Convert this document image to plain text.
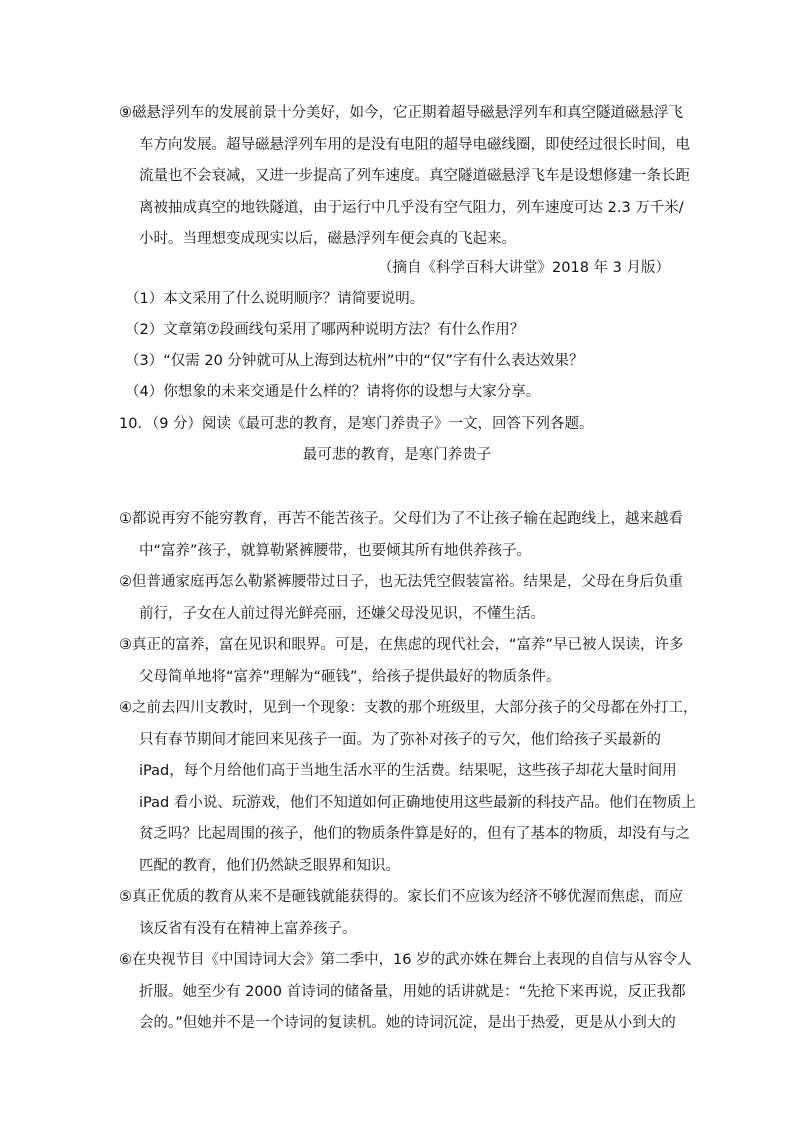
⑨磁悬浮列车的发展前景十分美好，如今，它正期着超导磁悬浮列车和真空隧道磁悬浮飞

车方向发展。超导磁悬浮列车用的是没有电阻的超导电磁线圈，即使经过很长时间，电

流量也不会衰减，又进一步提高了列车速度。真空隧道磁悬浮飞车是设想修建一条长距

离被抽成真空的地铁隧道，由于运行中几乎没有空气阻力，列车速度可达 2.3 万千米/

小时。当理想变成现实以后，磁悬浮列车便会真的飞起来。

（摘自《科学百科大讲堂》2018 年 3 月版）
（1）本文采用了什么说明顺序？请简要说明。
（2）文章第⑦段画线句采用了哪两种说明方法？有什么作用？
（3）“仅需 20 分钟就可从上海到达杭州”中的“仅”字有什么表达效果？
（4）你想象的未来交通是什么样的？请将你的设想与大家分享。
10．（9 分）阅读《最可悲的教育，是寒门养贵子》一文，回答下列各题。
最可悲的教育，是寒门养贵子

①都说再穷不能穷教育，再苦不能苦孩子。父母们为了不让孩子输在起跑线上，越来越看

中“富养”孩子，就算勒紧裤腰带，也要倾其所有地供养孩子。

②但普通家庭再怎么勒紧裤腰带过日子，也无法凭空假装富裕。结果是，父母在身后负重

前行，子女在人前过得光鲜亮丽，还嫌父母没见识，不懂生活。

③真正的富养，富在见识和眼界。可是，在焦虑的现代社会，“富养”早已被人误读，许多

父母简单地将“富养”理解为“砸钱”，给孩子提供最好的物质条件。

④之前去四川支教时，见到一个现象：支教的那个班级里，大部分孩子的父母都在外打工，

只有春节期间才能回来见孩子一面。为了弥补对孩子的亏欠，他们给孩子买最新的

iPad，每个月给他们高于当地生活水平的生活费。结果呢，这些孩子却花大量时间用

iPad 看小说、玩游戏，他们不知道如何正确地使用这些最新的科技产品。他们在物质上

贫乏吗？比起周围的孩子，他们的物质条件算是好的，但有了基本的物质，却没有与之

匹配的教育，他们仍然缺乏眼界和知识。

⑤真正优质的教育从来不是砸钱就能获得的。家长们不应该为经济不够优渥而焦虑，而应

该反省有没有在精神上富养孩子。

⑥在央视节目《中国诗词大会》第二季中，16 岁的武亦姝在舞台上表现的自信与从容令人

折服。她至少有 2000 首诗词的储备量，用她的话讲就是：“先抢下来再说，反正我都

会的。”但她并不是一个诗词的复读机。她的诗词沉淀，是出于热爱，更是从小到大的
